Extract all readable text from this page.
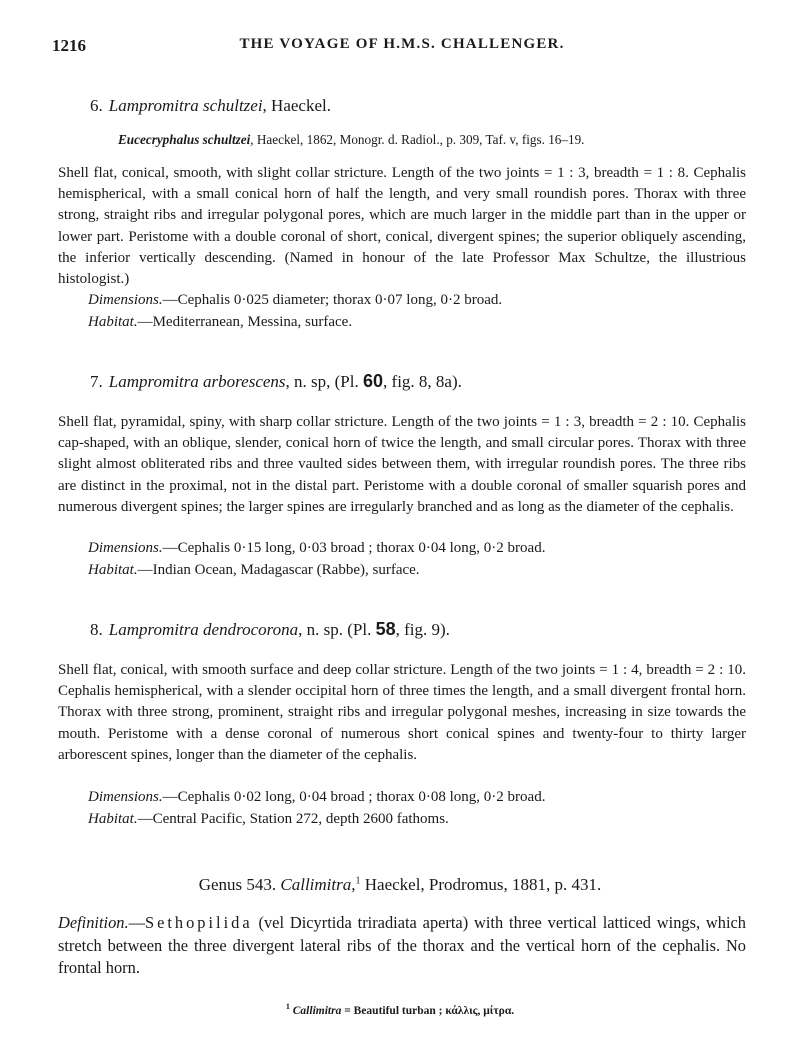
1216	THE VOYAGE OF H.M.S. CHALLENGER.
6. Lampromitra schultzei, Haeckel.
Eucecryphalus schultzei, Haeckel, 1862, Monogr. d. Radiol., p. 309, Taf. v, figs. 16–19.
Shell flat, conical, smooth, with slight collar stricture. Length of the two joints = 1 : 3, breadth = 1 : 8. Cephalis hemispherical, with a small conical horn of half the length, and very small roundish pores. Thorax with three strong, straight ribs and irregular polygonal pores, which are much larger in the middle part than in the upper or lower part. Peristome with a double coronal of short, conical, divergent spines; the superior obliquely ascending, the inferior vertically descending. (Named in honour of the late Professor Max Schultze, the illustrious histologist.)
Dimensions.—Cephalis 0·025 diameter; thorax 0·07 long, 0·2 broad.
Habitat.—Mediterranean, Messina, surface.
7. Lampromitra arborescens, n. sp, (Pl. 60, fig. 8, 8a).
Shell flat, pyramidal, spiny, with sharp collar stricture. Length of the two joints = 1 : 3, breadth = 2 : 10. Cephalis cap-shaped, with an oblique, slender, conical horn of twice the length, and small circular pores. Thorax with three slight almost obliterated ribs and three vaulted sides between them, with irregular roundish pores. The three ribs are distinct in the proximal, not in the distal part. Peristome with a double coronal of smaller squarish pores and numerous divergent spines; the larger spines are irregularly branched and as long as the diameter of the cephalis.
Dimensions.—Cephalis 0·15 long, 0·03 broad ; thorax 0·04 long, 0·2 broad.
Habitat.—Indian Ocean, Madagascar (Rabbe), surface.
8. Lampromitra dendrocorona, n. sp. (Pl. 58, fig. 9).
Shell flat, conical, with smooth surface and deep collar stricture. Length of the two joints = 1 : 4, breadth = 2 : 10. Cephalis hemispherical, with a slender occipital horn of three times the length, and a small divergent frontal horn. Thorax with three strong, prominent, straight ribs and irregular polygonal meshes, increasing in size towards the mouth. Peristome with a dense coronal of numerous short conical spines and twenty-four to thirty larger arborescent spines, longer than the diameter of the cephalis.
Dimensions.—Cephalis 0·02 long, 0·04 broad ; thorax 0·08 long, 0·2 broad.
Habitat.—Central Pacific, Station 272, depth 2600 fathoms.
Genus 543. Callimitra,$^1$ Haeckel, Prodromus, 1881, p. 431.
Definition.—Sethopilida (vel Dicyrtida triradiata aperta) with three vertical latticed wings, which stretch between the three divergent lateral ribs of the thorax and the vertical horn of the cephalis. No frontal horn.
$^1$ Callimitra = Beautiful turban ; κάλλις, μίτρα.
